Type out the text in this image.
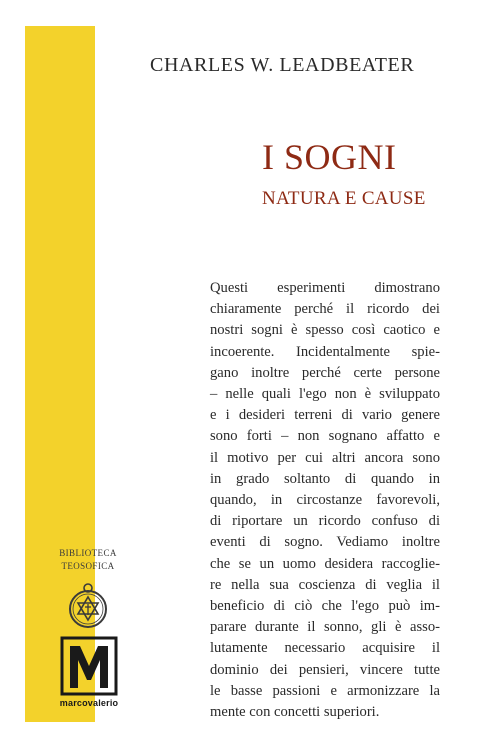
CHARLES W. LEADBEATER
I SOGNI
NATURA E CAUSE
Questi esperimenti dimostrano
chiaramente perché il ricordo dei
nostri sogni è spesso così caotico e
incoerente. Incidentalmente spie-
gano inoltre perché certe persone
– nelle quali l'ego non è sviluppato
e i desideri terreni di vario genere
sono forti – non sognano affatto e
il motivo per cui altri ancora sono
in grado soltanto di quando in
quando, in circostanze favorevoli,
di riportare un ricordo confuso di
eventi di sogno. Vediamo inoltre
che se un uomo desidera raccoglie-
re nella sua coscienza di veglia il
beneficio di ciò che l'ego può im-
parare durante il sonno, gli è asso-
lutamente necessario acquisire il
dominio dei pensieri, vincere tutte
le basse passioni e armonizzare la
mente con concetti superiori.
BIBLIOTECA
TEOSOFICA
marcovalerio
